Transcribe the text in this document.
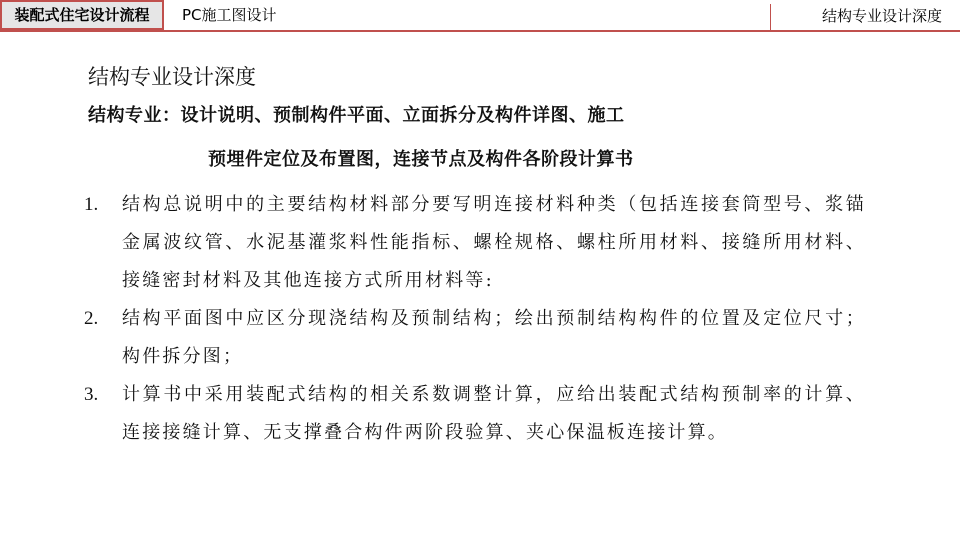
装配式住宅设计流程	PC施工图设计	结构专业设计深度
结构专业设计深度
结构专业：设计说明、预制构件平面、立面拆分及构件详图、施工
预埋件定位及布置图，连接节点及构件各阶段计算书
1. 结构总说明中的主要结构材料部分要写明连接材料种类（包括连接套筒型号、浆锚金属波纹管、水泥基灌浆料性能指标、螺栓规格、螺柱所用材料、接缝所用材料、接缝密封材料及其他连接方式所用材料等:
2. 结构平面图中应区分现浇结构及预制结构；绘出预制结构构件的位置及定位尺寸；构件拆分图；
3. 计算书中采用装配式结构的相关系数调整计算，应给出装配式结构预制率的计算、连接接缝计算、无支撑叠合构件两阶段验算、夹心保温板连接计算。
